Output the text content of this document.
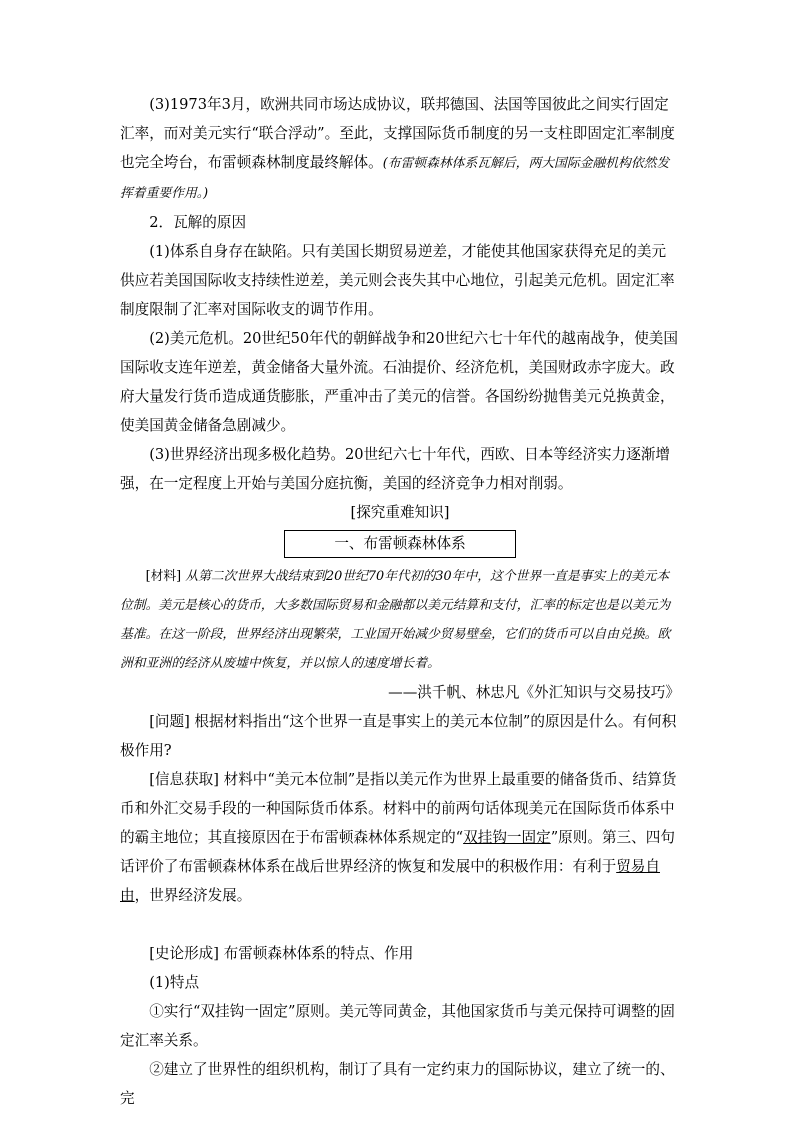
(3)1973年3月，欧洲共同市场达成协议，联邦德国、法国等国彼此之间实行固定汇率，而对美元实行“联合浮动”。至此，支撑国际货币制度的另一支柱即固定汇率制度也完全垮台，布雷顿森林制度最终解体。(布雷顿森林体系瓦解后，两大国际金融机构依然发挥着重要作用。)

2．瓦解的原因

(1)体系自身存在缺陷。只有美国长期贸易逆差，才能使其他国家获得充足的美元供应若美国国际收支持续性逆差，美元则会丧失其中心地位，引起美元危机。固定汇率制度限制了汇率对国际收支的调节作用。

(2)美元危机。20世纪50年代的朝鲜战争和20世纪六七十年代的越南战争，使美国国际收支连年逆差，黄金储备大量外流。石油提价、经济危机，美国财政赤字庞大。政府大量发行货币造成通货膨胀，严重冲击了美元的信誉。各国纷纷抛售美元兑换黄金，使美国黄金储备急剧减少。

(3)世界经济出现多极化趋势。20世纪六七十年代，西欧、日本等经济实力逐渐增强，在一定程度上开始与美国分庭抗衡，美国的经济竞争力相对削弱。

[探究重难知识]

一、布雷顿森林体系

[材料] 从第二次世界大战结束到20世纪70年代初的30年中，这个世界一直是事实上的美元本位制。美元是核心的货币，大多数国际贸易和金融都以美元结算和支付，汇率的标定也是以美元为基准。在这一阶段，世界经济出现繁荣，工业国开始减少贸易壁垒，它们的货币可以自由兑换。欧洲和亚洲的经济从废墟中恢复，并以惊人的速度增长着。

——洪千帆、林忠凡《外汇知识与交易技巧》

[问题] 根据材料指出“这个世界一直是事实上的美元本位制”的原因是什么。有何积极作用?

[信息获取] 材料中“美元本位制”是指以美元作为世界上最重要的储备货币、结算货币和外汇交易手段的一种国际货币体系。材料中的前两句话体现美元在国际货币体系中的霸主地位；其直接原因在于布雷顿森林体系规定的“双挂钩一固定”原则。第三、四句话评价了布雷顿森林体系在战后世界经济的恢复和发展中的积极作用：有利于贸易自由，世界经济发展。

[史论形成] 布雷顿森林体系的特点、作用

(1)特点

①实行“双挂钩一固定”原则。美元等同黄金，其他国家货币与美元保持可调整的固定汇率关系。

②建立了世界性的组织机构，制订了具有一定约束力的国际协议，建立了统一的、完
